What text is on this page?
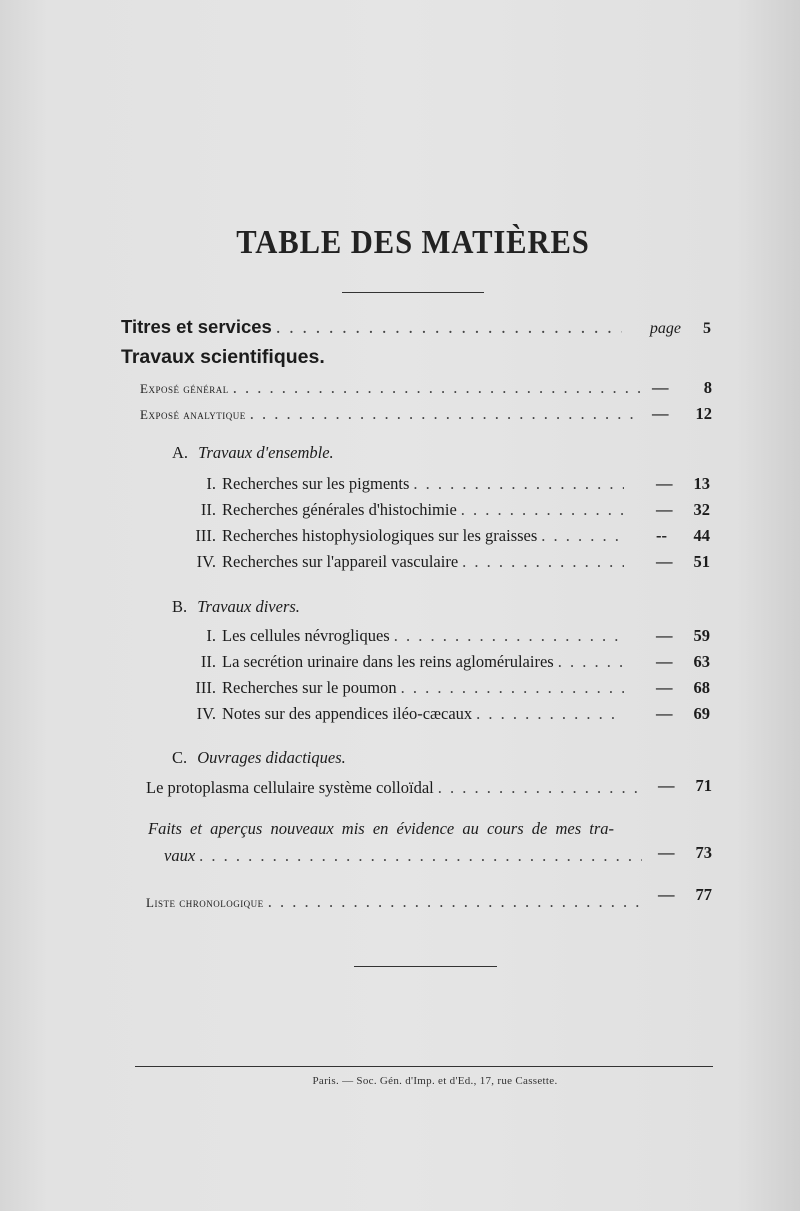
TABLE DES MATIÈRES
Titres et services . . .	page 5
Travaux scientifiques.
Exposé général . . .	—	8
Exposé analytique . . .	—	12
A. Travaux d'ensemble.
I. Recherches sur les pigments . . .	—	13
II. Recherches générales d'histochimie . . .	—	32
III. Recherches histophysiologiques sur les graisses . . .	--	44
IV. Recherches sur l'appareil vasculaire . . .	—	51
B. Travaux divers.
I. Les cellules névrogliques . . .	—	59
II. La secrétion urinaire dans les reins aglomérulaires . . .	—	63
III. Recherches sur le poumon . . .	—	68
IV. Notes sur des appendices iléo-cæcaux . . .	—	69
C. Ouvrages didactiques.
Le protoplasma cellulaire système colloïdal . . .	—	71
Faits et aperçus nouveaux mis en évidence au cours de mes tra-
vaux . . .	—	73
Liste chronologique . . .	—	77
Paris. — Soc. Gén. d'Imp. et d'Ed., 17, rue Cassette.
